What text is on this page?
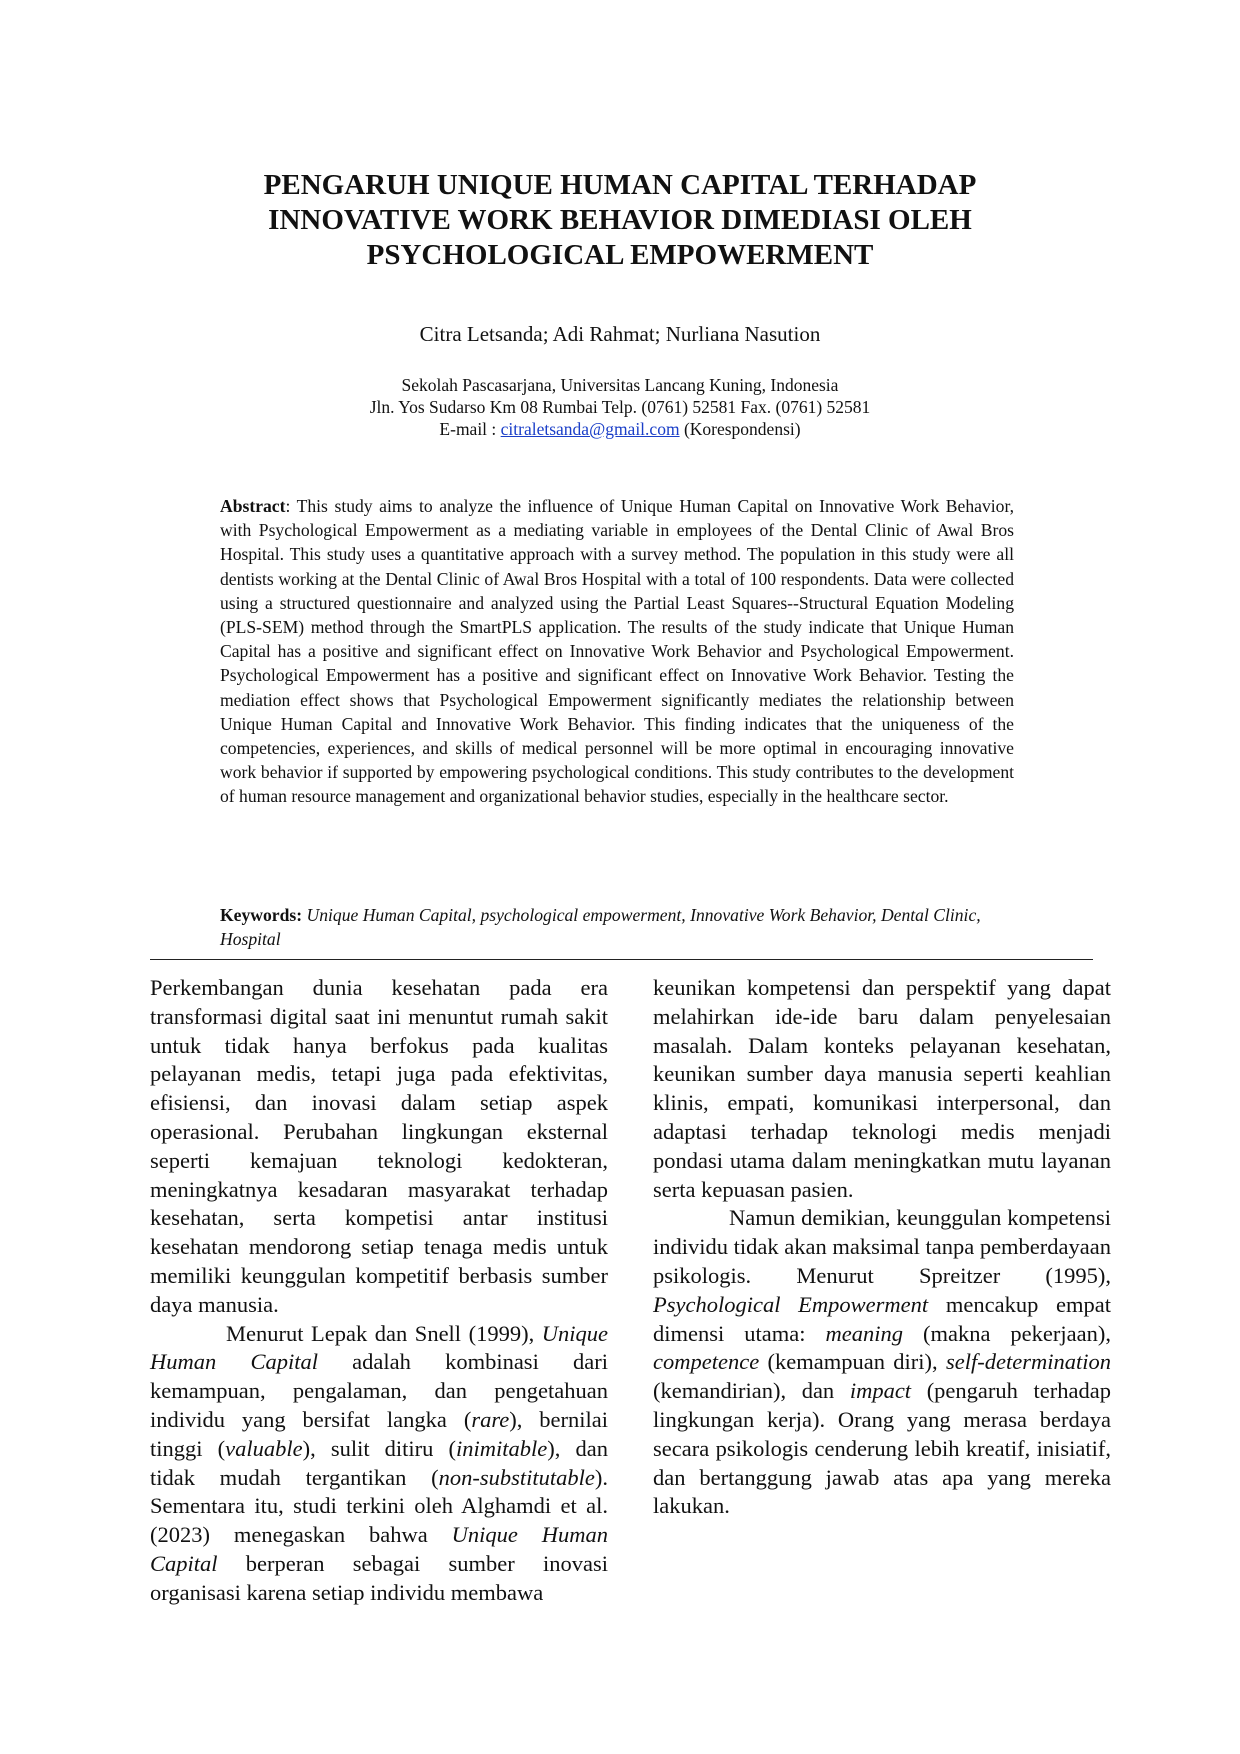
PENGARUH UNIQUE HUMAN CAPITAL TERHADAP
INNOVATIVE WORK BEHAVIOR DIMEDIASI OLEH
PSYCHOLOGICAL EMPOWERMENT
Citra Letsanda; Adi Rahmat; Nurliana Nasution
Sekolah Pascasarjana, Universitas Lancang Kuning, Indonesia
Jln. Yos Sudarso Km 08 Rumbai Telp. (0761) 52581 Fax. (0761) 52581
E-mail : citraletsanda@gmail.com (Korespondensi)
Abstract: This study aims to analyze the influence of Unique Human Capital on Innovative Work Behavior, with Psychological Empowerment as a mediating variable in employees of the Dental Clinic of Awal Bros Hospital. This study uses a quantitative approach with a survey method. The population in this study were all dentists working at the Dental Clinic of Awal Bros Hospital with a total of 100 respondents. Data were collected using a structured questionnaire and analyzed using the Partial Least Squares--Structural Equation Modeling (PLS-SEM) method through the SmartPLS application. The results of the study indicate that Unique Human Capital has a positive and significant effect on Innovative Work Behavior and Psychological Empowerment. Psychological Empowerment has a positive and significant effect on Innovative Work Behavior. Testing the mediation effect shows that Psychological Empowerment significantly mediates the relationship between Unique Human Capital and Innovative Work Behavior. This finding indicates that the uniqueness of the competencies, experiences, and skills of medical personnel will be more optimal in encouraging innovative work behavior if supported by empowering psychological conditions. This study contributes to the development of human resource management and organizational behavior studies, especially in the healthcare sector.
Keywords: Unique Human Capital, psychological empowerment, Innovative Work Behavior, Dental Clinic, Hospital

Perkembangan dunia kesehatan pada era transformasi digital saat ini menuntut rumah sakit untuk tidak hanya berfokus pada kualitas pelayanan medis, tetapi juga pada efektivitas, efisiensi, dan inovasi dalam setiap aspek operasional. Perubahan lingkungan eksternal seperti kemajuan teknologi kedokteran, meningkatnya kesadaran masyarakat terhadap kesehatan, serta kompetisi antar institusi kesehatan mendorong setiap tenaga medis untuk memiliki keunggulan kompetitif berbasis sumber daya manusia.

Menurut Lepak dan Snell (1999), Unique Human Capital adalah kombinasi dari kemampuan, pengalaman, dan pengetahuan individu yang bersifat langka (rare), bernilai tinggi (valuable), sulit ditiru (inimitable), dan tidak mudah tergantikan (non-substitutable). Sementara itu, studi terkini oleh Alghamdi et al. (2023) menegaskan bahwa Unique Human Capital berperan sebagai sumber inovasi organisasi karena setiap individu membawa

keunikan kompetensi dan perspektif yang dapat melahirkan ide-ide baru dalam penyelesaian masalah. Dalam konteks pelayanan kesehatan, keunikan sumber daya manusia seperti keahlian klinis, empati, komunikasi interpersonal, dan adaptasi terhadap teknologi medis menjadi pondasi utama dalam meningkatkan mutu layanan serta kepuasan pasien.

Namun demikian, keunggulan kompetensi individu tidak akan maksimal tanpa pemberdayaan psikologis. Menurut Spreitzer (1995), Psychological Empowerment mencakup empat dimensi utama: meaning (makna pekerjaan), competence (kemampuan diri), self-determination (kemandirian), dan impact (pengaruh terhadap lingkungan kerja). Orang yang merasa berdaya secara psikologis cenderung lebih kreatif, inisiatif, dan bertanggung jawab atas apa yang mereka lakukan.
